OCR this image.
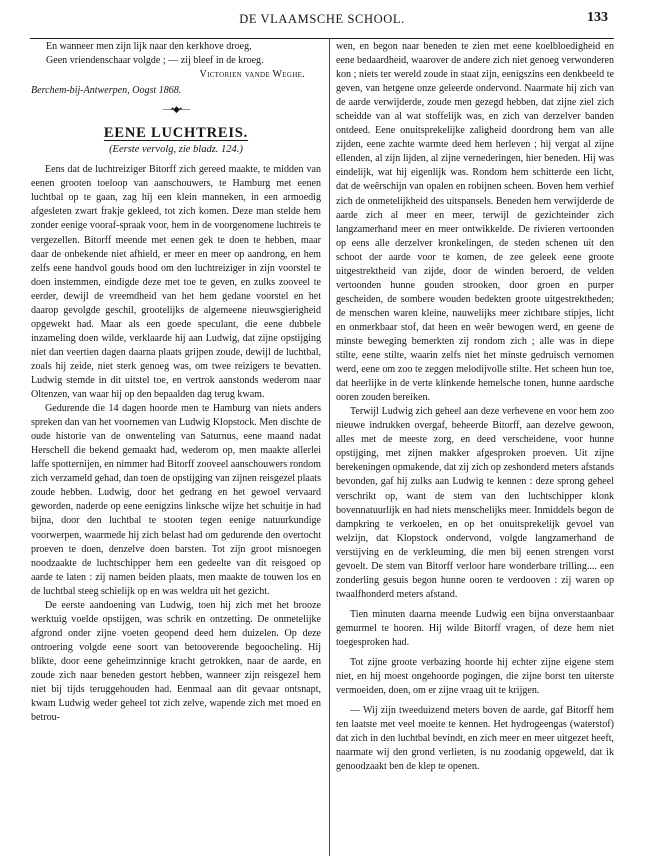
DE VLAAMSCHE SCHOOL.	133
En wanneer men zijn lijk naar den kerkhove droeg,
Geen vriendenschaar volgde ; — zij bleef in de kroeg.
Victorien vande Weghe.
Berchem-bij-Antwerpen, Oogst 1868.
—•◆•—
EENE LUCHTREIS.
(Eerste vervolg, zie bladz. 124.)

Eens dat de luchtreiziger Bitorff zich gereed maakte, te midden van eenen grooten toeloop van aanschouwers, te Hamburg met eenen luchtbal op te gaan, zag hij een klein manneken, in een armoedig afgesleten zwart frakje gekleed, tot zich komen. Deze man stelde hem zonder eenige vooraf-spraak voor, hem in de voorgenomene luchtreis te vergezellen. Bitorff meende met eenen gek te doen te hebben, maar daar de onbekende niet afhield, er meer en meer op aandrong, en hem zelfs eene handvol gouds bood om den luchtreiziger in zijn voorstel te doen instemmen, eindigde deze met toe te geven, en zulks zooveel te eerder, dewijl de vreemdheid van het hem gedane voorstel en het daarop gevolgde geschil, grootelijks de algemeene nieuwsgierigheid opgewekt had. Maar als een goede speculant, die eene dubbele inzameling doen wilde, verklaarde hij aan Ludwig, dat zijne opstijging niet dan veertien dagen daarna plaats grijpen zoude, dewijl de luchtbal, zoals hij zeide, niet sterk genoeg was, om twee reizigers te bevatten. Ludwig stemde in dit uitstel toe, en vertrok aanstonds wederom naar Oltenzen, van waar hij op den bepaalden dag terug kwam.

Gedurende die 14 dagen hoorde men te Hamburg van niets anders spreken dan van het voornemen van Ludwig Klopstock. Men dischte de oude historie van de onwenteling van Saturnus, eene maand nadat Herschell die bekend gemaakt had, wederom op, men maakte allerlei laffe spotternijen, en nimmer had Bitorff zooveel aanschouwers rondom zich verzameld gehad, dan toen de opstijging van zijnen reisgezel plaats zoude hebben. Ludwig, door het gedrang en het gewoel vervaard geworden, naderde op eene eenigzins linksche wijze het schuitje in had bijna, door den luchtbal te stooten tegen eenige natuurkundige voorwerpen, waarmede hij zich belast had om gedurende den overtocht proeven te doen, denzelve doen barsten. Tot zijn groot misnoegen noodzaakte de luchtschipper hem een gedeelte van dit reisgoed op aarde te laten : zij namen beiden plaats, men maakte de touwen los en de luchtbal steeg schielijk op en was weldra uit het gezicht.

De eerste aandoening van Ludwig, toen hij zich met het brooze werktuig voelde opstijgen, was schrik en ontzetting. De onmetelijke afgrond onder zijne voeten geopend deed hem duizelen. Op deze ontroering volgde eene soort van betooverende begoocheling. Hij blikte, door eene geheimzinnige kracht getrokken, naar de aarde, en zoude zich naar beneden gestort hebben, wanneer zijn reisgezel hem niet bij tijds teruggehouden had. Eenmaal aan dit gevaar ontsnapt, kwam Ludwig weder geheel tot zich zelve, wapende zich met moed en betrou-

wen, en begon naar beneden te zien met eene koelbloedigheid en eene bedaardheid, waarover de andere zich niet genoeg verwonderen kon ; niets ter wereld zoude in staat zijn, eenigszins een denkbeeld te geven, van hetgene onze geleerde ondervond. Naarmate hij zich van de aarde verwijderde, zoude men gezegd hebben, dat zijne ziel zich scheidde van al wat stoffelijk was, en zich van derzelver banden ontdeed. Eene onuitsprekelijke zaligheid doordrong hem van alle zijden, eene zachte warmte deed hem herleven ; hij vergat al zijne ellenden, al zijn lijden, al zijne vernederingen, hier beneden. Hij was eindelijk, wat hij eigenlijk was. Rondom hem schitterde een licht, dat de weêrschijn van opalen en robijnen scheen. Boven hem verhief zich de onmetelijkheid des uitspansels. Beneden hem verwijderde de aarde zich al meer en meer, terwijl de gezichteinder zich langzamerhand meer en meer ontwikkelde. De rivieren vertoonden op eens alle derzelver kronkelingen, de steden schenen uit den schoot der aarde voor te komen, de zee geleek eene groote uitgestrektheid van zijde, door de winden beroerd, de velden vertoonden hunne gouden strooken, door groen en purper gescheiden, de sombere wouden bedekten groote uitgestrektheden; de menschen waren kleine, nauwelijks meer zichtbare stipjes, licht en onmerkbaar stof, dat heen en weêr bewogen werd, en geene de minste beweging bemerkten zij rondom zich ; alle was in diepe stilte, eene stilte, waarin zelfs niet het minste gedruisch vernomen werd, eene om zoo te zeggen melodijvolle stilte. Het scheen hun toe, dat heerlijke in de verte klinkende hemelsche tonen, hunne aardsche ooren zouden bereiken.

Terwijl Ludwig zich geheel aan deze verhevene en voor hem zoo nieuwe indrukken overgaf, beheerde Bitorff, aan dezelve gewoon, alles met de meeste zorg, en deed verscheidene, voor hunne opstijging, met zijnen makker afgesproken proeven. Uit zijne berekeningen opmakende, dat zij zich op zeshonderd meters afstands bevonden, gaf hij zulks aan Ludwig te kennen : deze sprong geheel verschrikt op, want de stem van den luchtschipper klonk bovennatuurlijk en had niets menschelijks meer. Inmiddels begon de dampkring te verkoelen, en op het onuitsprekelijk gevoel van welzijn, dat Klopstock ondervond, volgde langzamerhand de verstijving en de verkleuming, die men bij eenen strengen vorst gevoelt. De stem van Bitorff verloor hare wonderbare trilling.... een zonderling gesuis begon hunne ooren te verdooven : zij waren op twaalfhonderd meters afstand.

Tien minuten daarna meende Ludwig een bijna onverstaanbaar gemurmel te hooren. Hij wilde Bitorff vragen, of deze hem niet toegesproken had.

Tot zijne groote verbazing hoorde hij echter zijne eigene stem niet, en hij moest ongehoorde pogingen, die zijne borst ten uiterste vermoeiden, doen, om er zijne vraag uit te krijgen.

— Wij zijn tweeduizend meters boven de aarde, gaf Bitorff hem ten laatste met veel moeite te kennen. Het hydrogeengas (waterstof) dat zich in den luchtbal bevindt, en zich meer en meer uitgezet heeft, naarmate wij den grond verlieten, is nu zoodanig opgeweld, dat ik genoodzaakt ben de klep te openen.
